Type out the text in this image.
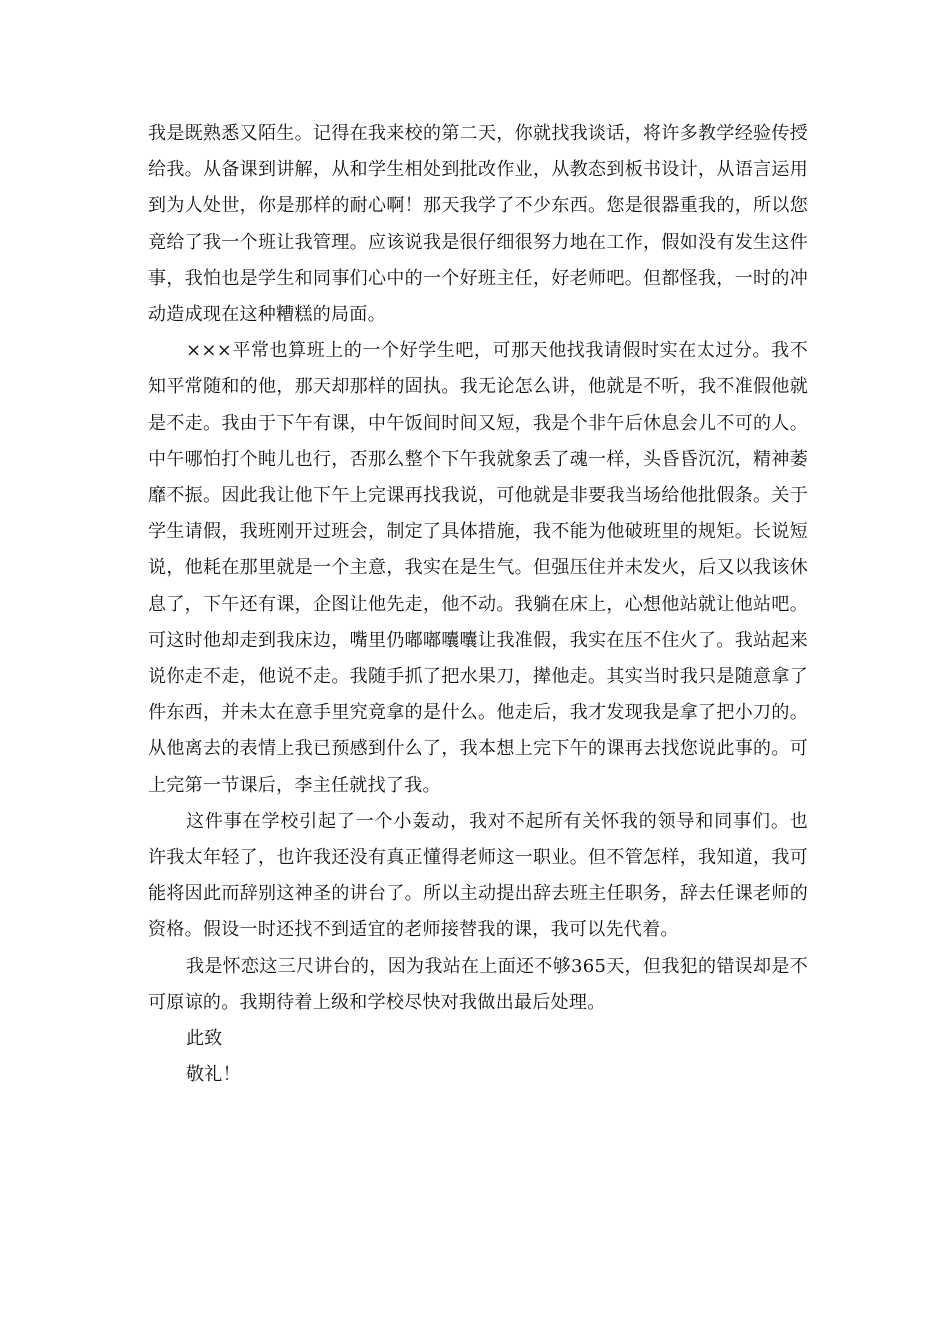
我是既熟悉又陌生。记得在我来校的第二天，你就找我谈话，将许多教学经验传授给我。从备课到讲解，从和学生相处到批改作业，从教态到板书设计，从语言运用到为人处世，你是那样的耐心啊！那天我学了不少东西。您是很器重我的，所以您竟给了我一个班让我管理。应该说我是很仔细很努力地在工作，假如没有发生这件事，我怕也是学生和同事们心中的一个好班主任，好老师吧。但都怪我，一时的冲动造成现在这种糟糕的局面。

×××平常也算班上的一个好学生吧，可那天他找我请假时实在太过分。我不知平常随和的他，那天却那样的固执。我无论怎么讲，他就是不听，我不准假他就是不走。我由于下午有课，中午饭间时间又短，我是个非午后休息会儿不可的人。中午哪怕打个盹儿也行，否那么整个下午我就象丢了魂一样，头昏昏沉沉，精神萎靡不振。因此我让他下午上完课再找我说，可他就是非要我当场给他批假条。关于学生请假，我班刚开过班会，制定了具体措施，我不能为他破班里的规矩。长说短说，他耗在那里就是一个主意，我实在是生气。但强压住并未发火，后又以我该休息了，下午还有课，企图让他先走，他不动。我躺在床上，心想他站就让他站吧。可这时他却走到我床边，嘴里仍嘟嘟囔囔让我准假，我实在压不住火了。我站起来说你走不走，他说不走。我随手抓了把水果刀，撵他走。其实当时我只是随意拿了件东西，并未太在意手里究竟拿的是什么。他走后，我才发现我是拿了把小刀的。从他离去的表情上我已预感到什么了，我本想上完下午的课再去找您说此事的。可上完第一节课后，李主任就找了我。

这件事在学校引起了一个小轰动，我对不起所有关怀我的领导和同事们。也许我太年轻了，也许我还没有真正懂得老师这一职业。但不管怎样，我知道，我可能将因此而辞别这神圣的讲台了。所以主动提出辞去班主任职务，辞去任课老师的资格。假设一时还找不到适宜的老师接替我的课，我可以先代着。

我是怀恋这三尺讲台的，因为我站在上面还不够365天，但我犯的错误却是不可原谅的。我期待着上级和学校尽快对我做出最后处理。

此致

敬礼！
